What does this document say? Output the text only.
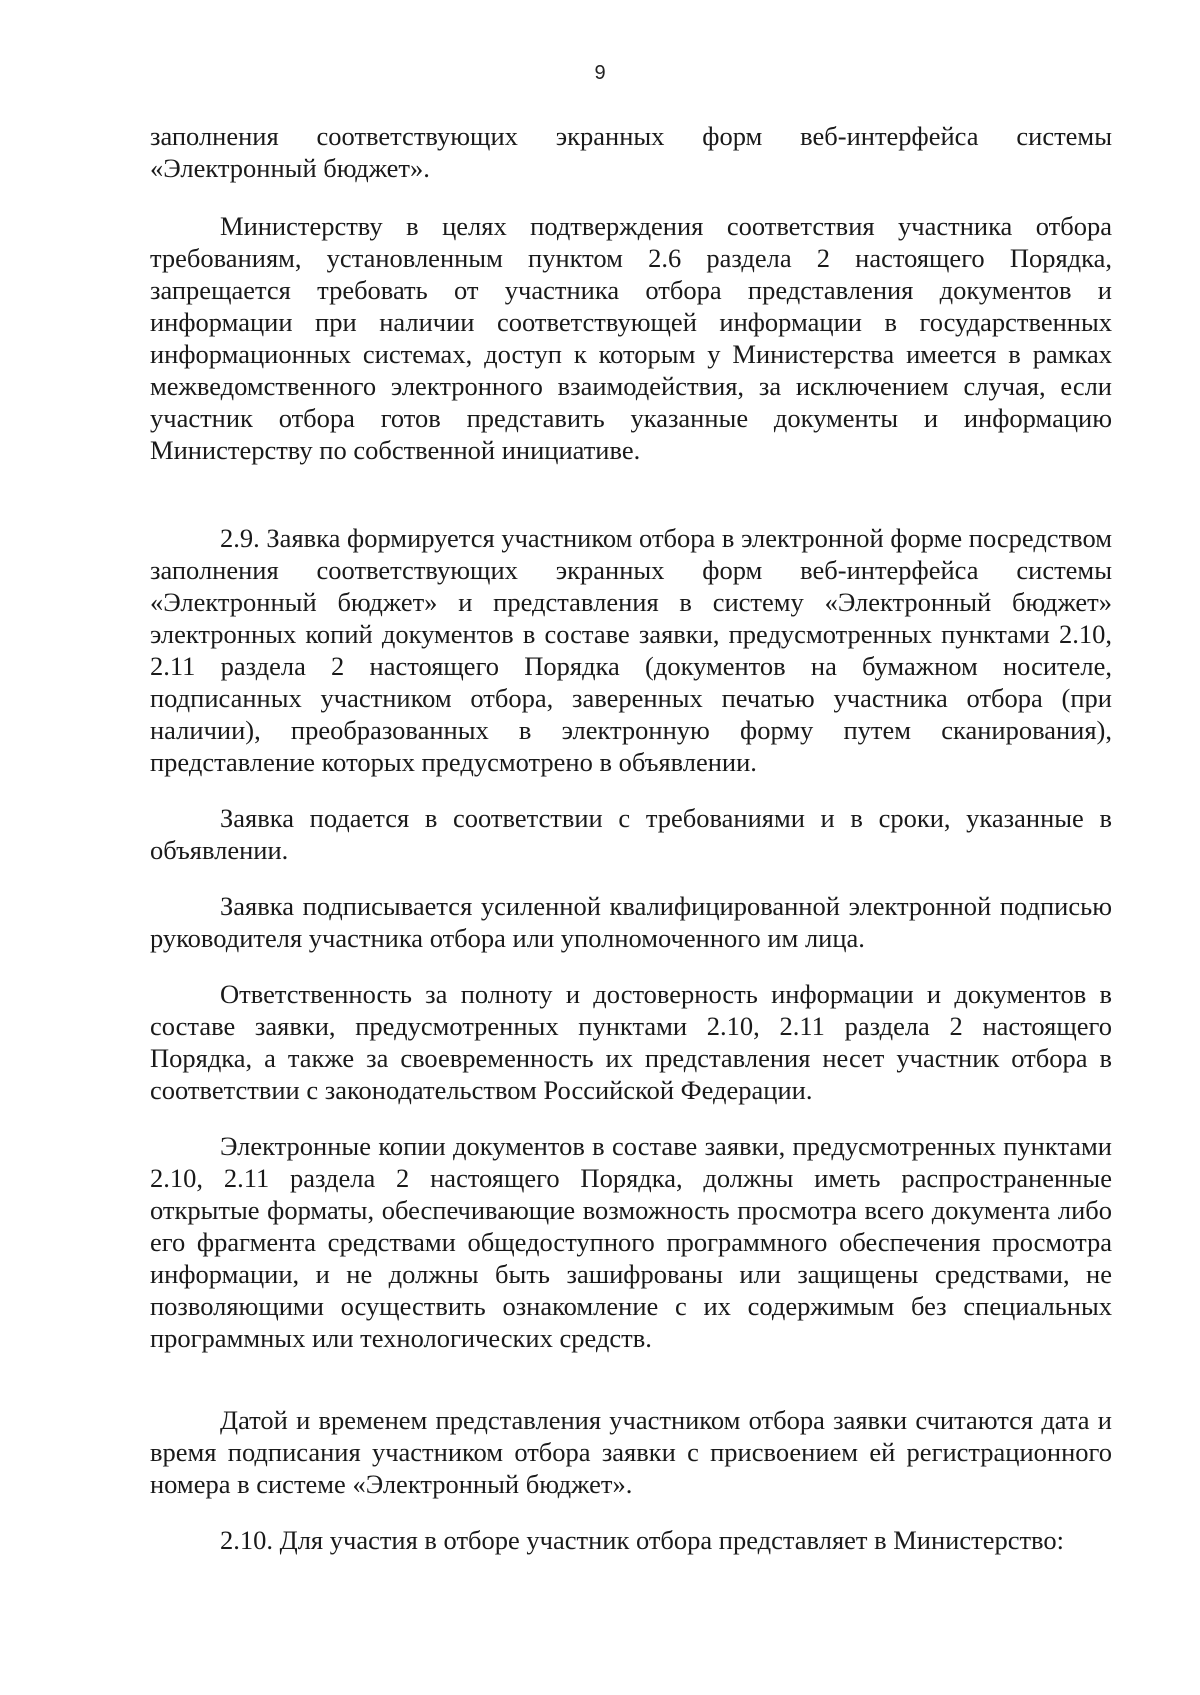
9

заполнения соответствующих экранных форм веб-интерфейса системы «Электронный бюджет».

Министерству в целях подтверждения соответствия участника отбора требованиям, установленным пунктом 2.6 раздела 2 настоящего Порядка, запрещается требовать от участника отбора представления документов и информации при наличии соответствующей информации в государственных информационных системах, доступ к которым у Министерства имеется в рамках межведомственного электронного взаимодействия, за исключением случая, если участник отбора готов представить указанные документы и информацию Министерству по собственной инициативе.

2.9. Заявка формируется участником отбора в электронной форме посредством заполнения соответствующих экранных форм веб-интерфейса системы «Электронный бюджет» и представления в систему «Электронный бюджет» электронных копий документов в составе заявки, предусмотренных пунктами 2.10, 2.11 раздела 2 настоящего Порядка (документов на бумажном носителе, подписанных участником отбора, заверенных печатью участника отбора (при наличии), преобразованных в электронную форму путем сканирования), представление которых предусмотрено в объявлении.

Заявка подается в соответствии с требованиями и в сроки, указанные в объявлении.

Заявка подписывается усиленной квалифицированной электронной подписью руководителя участника отбора или уполномоченного им лица.

Ответственность за полноту и достоверность информации и документов в составе заявки, предусмотренных пунктами 2.10, 2.11 раздела 2 настоящего Порядка, а также за своевременность их представления несет участник отбора в соответствии с законодательством Российской Федерации.

Электронные копии документов в составе заявки, предусмотренных пунктами 2.10, 2.11 раздела 2 настоящего Порядка, должны иметь распространенные открытые форматы, обеспечивающие возможность просмотра всего документа либо его фрагмента средствами общедоступного программного обеспечения просмотра информации, и не должны быть зашифрованы или защищены средствами, не позволяющими осуществить ознакомление с их содержимым без специальных программных или технологических средств.

Датой и временем представления участником отбора заявки считаются дата и время подписания участником отбора заявки с присвоением ей регистрационного номера в системе «Электронный бюджет».

2.10. Для участия в отборе участник отбора представляет в Министерство:
